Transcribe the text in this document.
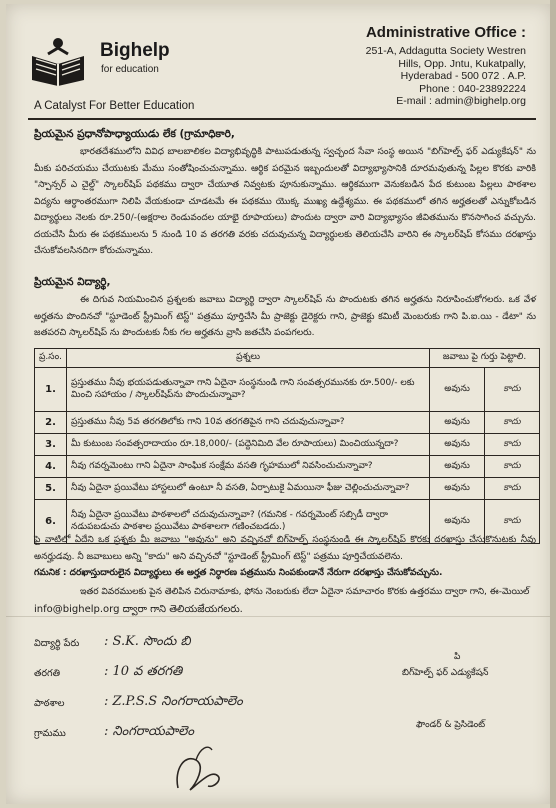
Bighelp
for education
A Catalyst For Better Education
Administrative Office :
251-A, Addagutta Society Westren
Hills, Opp. Jntu, Kukatpally,
Hyderabad - 500 072 . A.P.
Phone : 040-23892224
E-mail : admin@bighelp.org
ప్రియమైన ప్రధానోపాధ్యాయుడు లేక (గ్రామాధికారి,
భారతదేశములోని వివిధ బాలబాలికల విద్యాభివృద్ధికి పాటుపడుతున్న స్వచ్ఛంద సేవా సంస్థ అయిన "బిగ్‌హెల్ప్ ఫర్ ఎడ్యుకేషన్" ను మీకు పరిచయము చేయుటకు మేము సంతోషించుచున్నాము. ఆర్థిక పరమైన ఇబ్బందులతో విద్యాభ్యాసానికి దూరమవుతున్న పిల్లల కొరకు వారికి "స్పాన్సర్ ఎ చైల్డ్" స్కాలర్‌షిప్ పథకము ద్వారా చేయూత నివ్వటకు పూనుకున్నాము. ఆర్థికముగా వెనుకబడిన పేద కుటుంబ పిల్లలు పాఠశాల విద్యను ఆర్ధాంతరముగా నిలిపి వేయకుండా చూడటమే ఈ పథకము యొక్క ముఖ్య ఉద్దేశ్యము. ఈ పథకములో తగిన అర్హతలతో ఎన్నుకోబడిన విద్యార్థులు నెలకు రూ.250/-(అక్షరాల రెండువందల యాభై రూపాయలు) పొందుట ద్వారా వారి విద్యాభ్యాసం జీవితమును కొనసాగించ వచ్చును. దయచేసి మీరు ఈ పథకములను 5 నుండి 10 వ తరగతి వరకు చదువుచున్న విద్యార్థులకు తెలియచేసి వారిని ఈ స్కాలర్‌షిప్ కోసము దరఖాస్తు చేసుకోవలసినదిగా కోరుచున్నాము.
ప్రియమైన విద్యార్థి,
ఈ దిగువ నియమించిన ప్రశ్నలకు జవాబు విద్యార్థి ద్వారా స్కాలర్‌షిప్ ను పొందుటకు తగిన అర్హతను నిరూపించుకోగలరు. ఒక వేళ అర్హతను పొందినచో "స్టూడెంట్ స్ట్రీమింగ్ టెస్ట్" పత్రము పూర్తిచేసి మీ ప్రాజెక్టు డైరెక్టరు గాని, ప్రాజెక్టు కమిటీ మెంబరుకు గాని పి.ఐ.యి - డేటా" ను జతపరచి స్కాలర్‌షిప్ ను పొందుటకు నీకు గల అర్హతను వ్రాసి జతచేసి పంపగలరు.
ప్ర.సం.	ప్రశ్నలు	జవాబు పై గుర్తు పెట్టాలి.	
1.	ప్రస్తుతము నీవు భయపడుతున్నావా గాని ఏదైనా సంస్థనుండి గాని సంవత్సరమునకు రూ.500/- లకు మించి సహాయం / స్కాలర్‌షిప్‌ను పొందుచున్నావా?	అవును	కాదు
2.	ప్రస్తుతము నీవు 5వ తరగతిలోకు గాని 10వ తరగతిపైన గాని చదువుచున్నావా?	అవును	కాదు
3.	మీ కుటుంబ సంవత్సరాదాయం రూ.18,000/- (పద్దెనిమిది వేల రూపాయలు) మించియున్నదా?	అవును	కాదు
4.	నీవు గవర్నమెంటు గాని ఏదైనా సాంఘిక సంక్షేమ వసతి గృహములో నివసించుచున్నావా?	అవును	కాదు
5.	నీవు ఏదైనా ప్రయివేటు హాస్టలులో ఉంటూ నీ వసతి, ఏర్పాటుకై ఏమయినా ఫీజు చెల్లించుచున్నావా?	అవును	కాదు
6.	నీవు ఏదైనా ప్రయివేటు పాఠశాలలో చదువుచున్నావా? (గమనిక - గవర్నమెంట్ సబ్సిడీ ద్వారా నడుపబడుచు పాఠశాల ప్రయివేటు పాఠశాలగా గణించబడదు.)	అవును	కాదు
పై వాటిలో ఏదేని ఒక ప్రశ్నకు మీ జవాబు "అవును" అని వచ్చినచో బిగ్‌హెల్ప్ సంస్థనుండి ఈ స్కాలర్‌షిప్ కొరకు దరఖాస్తు చేసుకొనుటకు నీవు అనర్హుడవు. నీ జవాబులు అన్ని "కాదు" అని వచ్చినచో "స్టూడెంట్ స్ట్రీమింగ్ టెస్ట్" పత్రము పూర్తిచేయవలెను.
గమనిక : దరఖాస్తుదారులైన విద్యార్థులు ఈ అర్హత నిర్ధారణ పత్రమును నింపకుండానే నేరుగా దరఖాస్తు చేసుకోవచ్చును.
ఇతర వివరములకు పైన తెలిపిన చిరునామాకు, ఫోను నెంబరుకు లేదా ఏదైనా సమాచారం కొరకు ఉత్తరము ద్వారా గాని, ఈ-మెయిల్
info@bighelp.org ద్వారా గాని తెలియజేయగలరు.
విద్యార్థి పేరు : S.K. సొందు బి
తరగతి	: 10 వ తరగతి
పాఠశాల	: Z.P.S.S నింగరాయపాలెం
గ్రామము	: నింగరాయపాలెం
పి
బిగ్‌హెల్ప్ ఫర్ ఎడ్యుకేషన్
ఫౌండర్ & ప్రెసిడెంట్
